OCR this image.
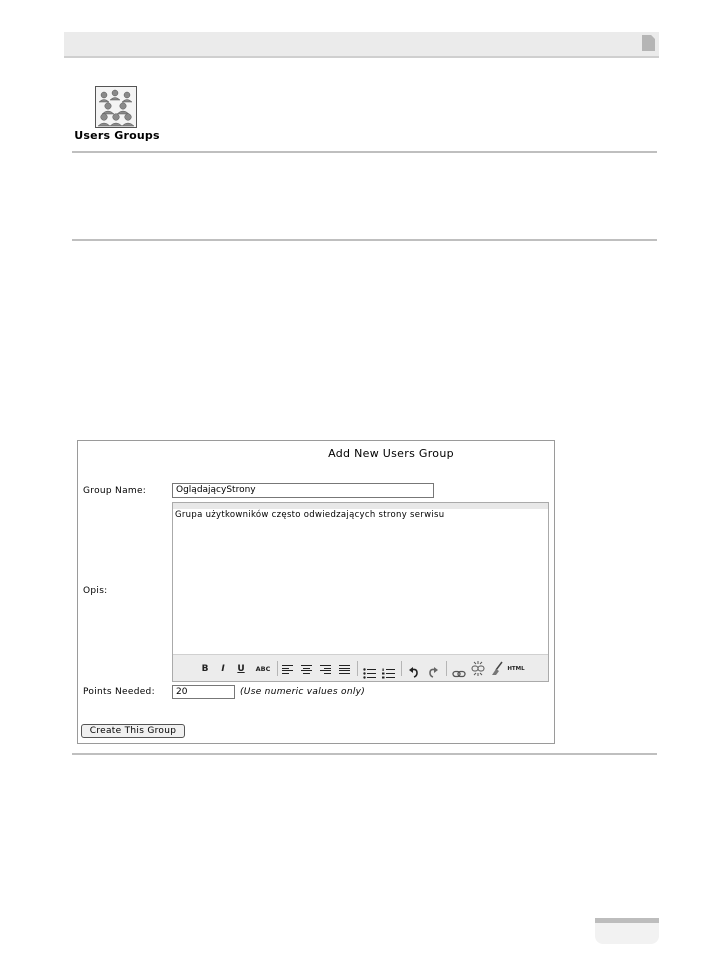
Users Groups
Add New Users Group
Group Name:	OglądającyStrony
Opis:
Grupa użytkowników często odwiedzających strony serwisu
B	I	U	ABC	HTML
Points Needed:	20	(Use numeric values only)
Create This Group
